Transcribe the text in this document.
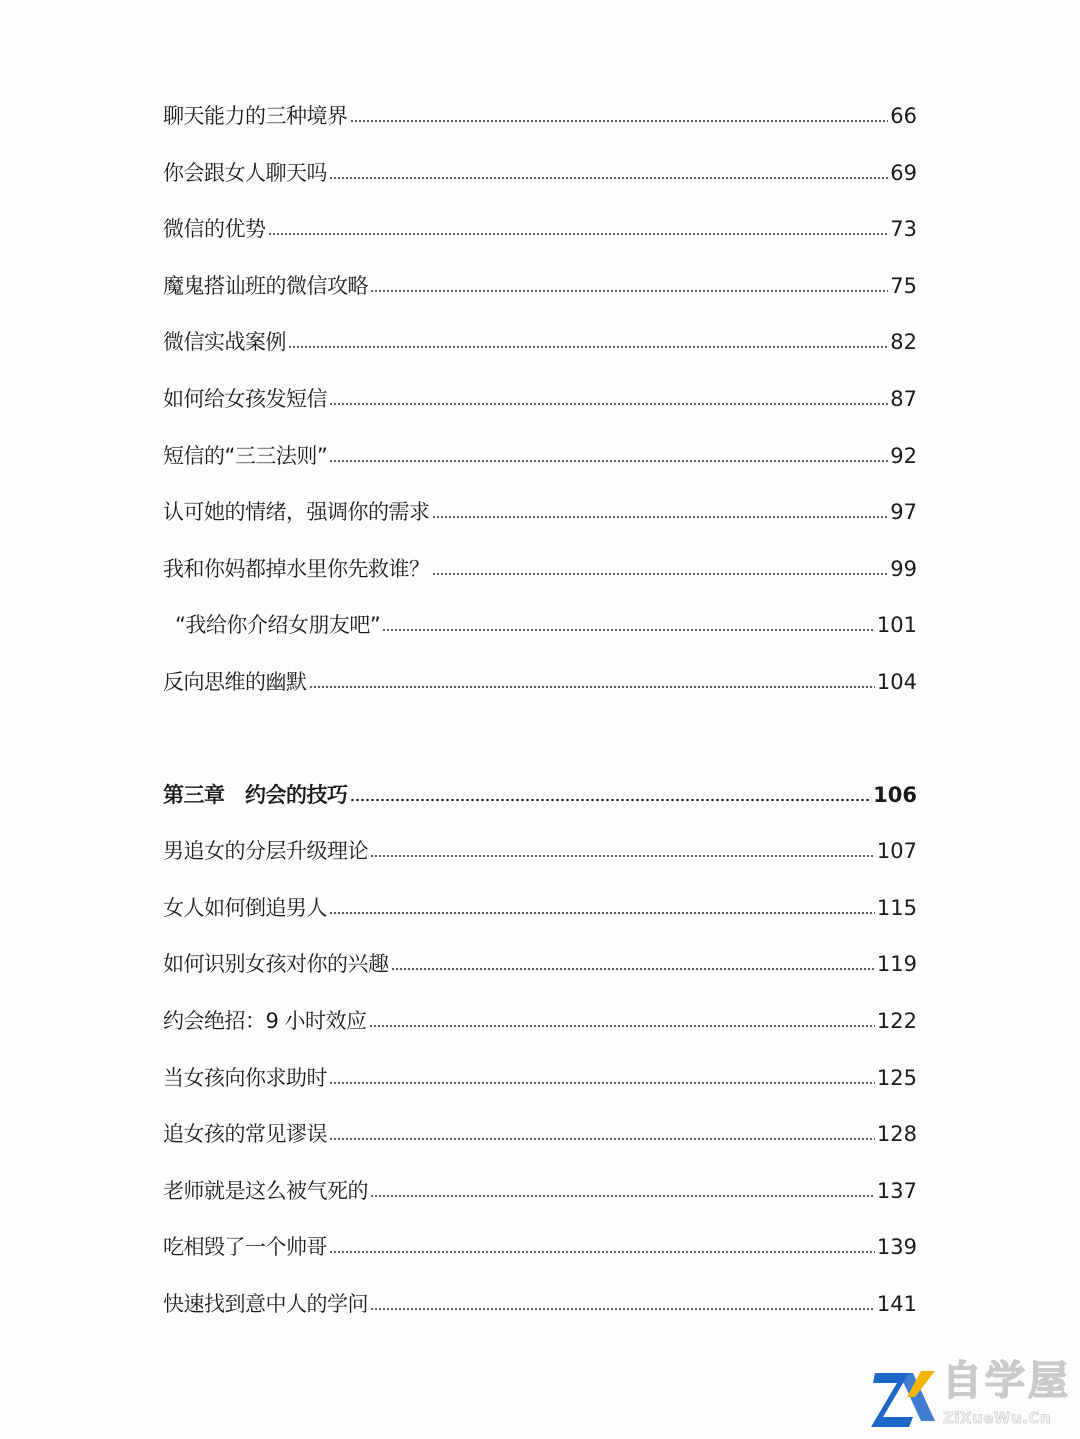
聊天能力的三种境界	66
你会跟女人聊天吗	69
微信的优势	73
魔鬼搭讪班的微信攻略	75
微信实战案例	82
如何给女孩发短信	87
短信的“三三法则”	92
认可她的情绪，强调你的需求	97
我和你妈都掉水里你先救谁？	99
“我给你介绍女朋友吧”	101
反向思维的幽默	104
第三章　约会的技巧	106
男追女的分层升级理论	107
女人如何倒追男人	115
如何识别女孩对你的兴趣	119
约会绝招：9 小时效应	122
当女孩向你求助时	125
追女孩的常见谬误	128
老师就是这么被气死的	137
吃相毁了一个帅哥	139
快速找到意中人的学问	141
自学屋
ZiXueWu.Cn
